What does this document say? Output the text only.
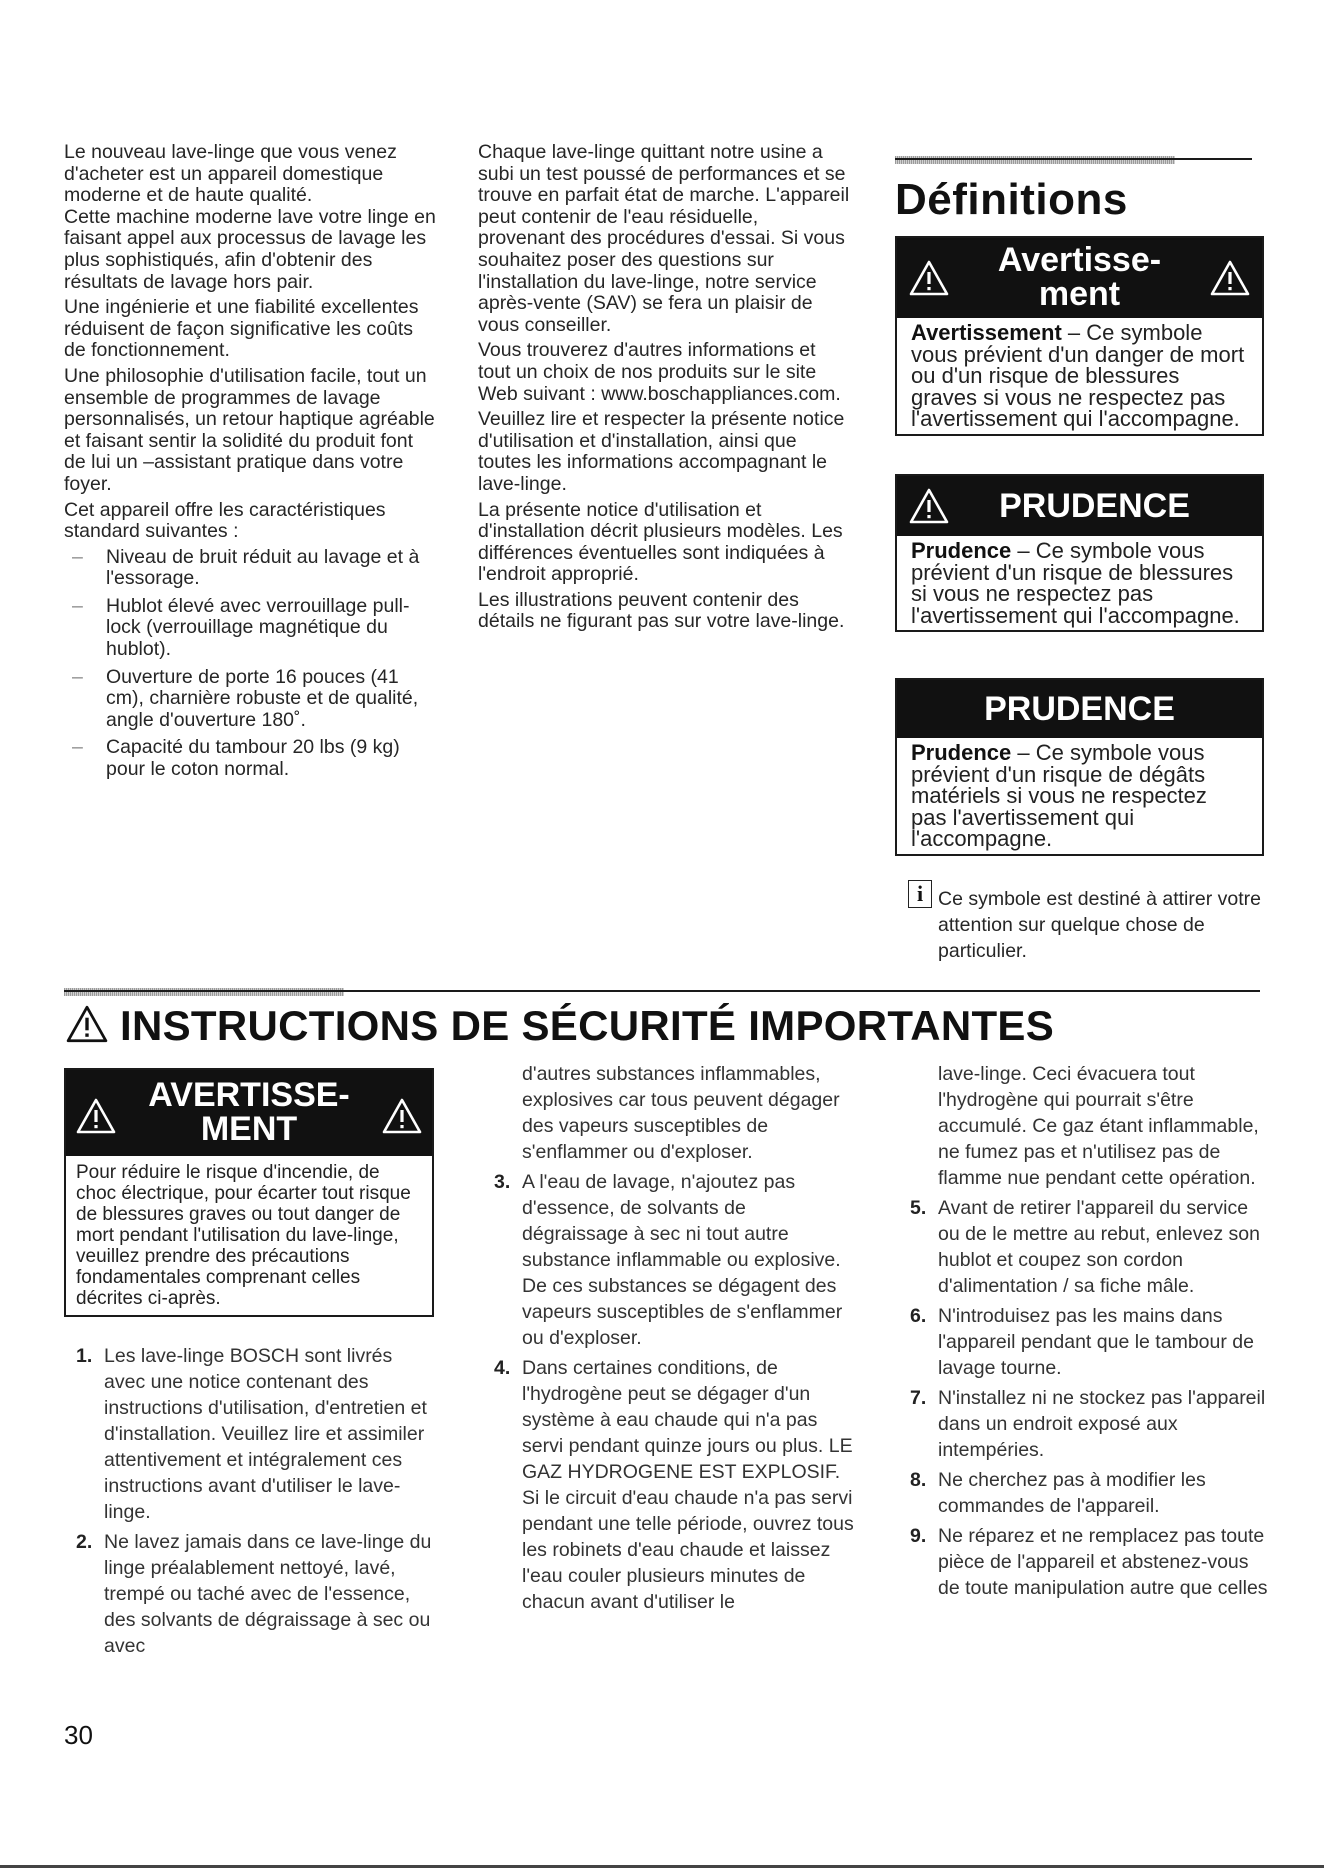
Le nouveau lave-linge que vous venez d'acheter est un appareil domestique moderne et de haute qualité.

Cette machine moderne lave votre linge en faisant appel aux processus de lavage les plus sophistiqués, afin d'obtenir des résultats de lavage hors pair.

Une ingénierie et une fiabilité excellentes réduisent de façon significative les coûts de fonctionnement.

Une philosophie d'utilisation facile, tout un ensemble de programmes de lavage personnalisés, un retour haptique agréable et faisant sentir la solidité du produit font de lui un –assistant pratique dans votre foyer.

Cet appareil offre les caractéristiques standard suivantes :

– Niveau de bruit réduit au lavage et à l'essorage.
– Hublot élevé avec verrouillage pull-lock (verrouillage magnétique du hublot).
– Ouverture de porte 16 pouces (41 cm), charnière robuste et de qualité, angle d'ouverture 180˚.
– Capacité du tambour 20 lbs (9 kg) pour le coton normal.

Chaque lave-linge quittant notre usine a subi un test poussé de performances et se trouve en parfait état de marche. L'appareil peut contenir de l'eau résiduelle, provenant des procédures d'essai. Si vous souhaitez poser des questions sur l'installation du lave-linge, notre service après-vente (SAV) se fera un plaisir de vous conseiller.

Vous trouverez d'autres informations et tout un choix de nos produits sur le site Web suivant : www.boschappliances.com.

Veuillez lire et respecter la présente notice d'utilisation et d'installation, ainsi que toutes les informations accompagnant le lave-linge.

La présente notice d'utilisation et d'installation décrit plusieurs modèles. Les différences éventuelles sont indiquées à l'endroit approprié.

Les illustrations peuvent contenir des détails ne figurant pas sur votre lave-linge.

Définitions
Avertisse-
ment
Avertissement – Ce symbole vous prévient d'un danger de mort ou d'un risque de blessures graves si vous ne respectez pas l'avertissement qui l'accompagne.
PRUDENCE
Prudence – Ce symbole vous prévient d'un risque de blessures si vous ne respectez pas l'avertissement qui l'accompagne.
PRUDENCE
Prudence – Ce symbole vous prévient d'un risque de dégâts matériels si vous ne respectez pas l'avertissement qui l'accompagne.
i Ce symbole est destiné à attirer votre attention sur quelque chose de particulier.
INSTRUCTIONS DE SÉCURITÉ IMPORTANTES
AVERTISSE-
MENT
Pour réduire le risque d'incendie, de choc électrique, pour écarter tout risque de blessures graves ou tout danger de mort pendant l'utilisation du lave-linge, veuillez prendre des précautions fondamentales comprenant celles décrites ci-après.
1. Les lave-linge BOSCH sont livrés avec une notice contenant des instructions d'utilisation, d'entretien et d'installation. Veuillez lire et assimiler attentivement et intégralement ces instructions avant d'utiliser le lave-linge.
2. Ne lavez jamais dans ce lave-linge du linge préalablement nettoyé, lavé, trempé ou taché avec de l'essence, des solvants de dégraissage à sec ou avec
d'autres substances inflammables, explosives car tous peuvent dégager des vapeurs susceptibles de s'enflammer ou d'exploser.
3. A l'eau de lavage, n'ajoutez pas d'essence, de solvants de dégraissage à sec ni tout autre substance inflammable ou explosive. De ces substances se dégagent des vapeurs susceptibles de s'enflammer ou d'exploser.
4. Dans certaines conditions, de l'hydrogène peut se dégager d'un système à eau chaude qui n'a pas servi pendant quinze jours ou plus. LE GAZ HYDROGENE EST EXPLOSIF. Si le circuit d'eau chaude n'a pas servi pendant une telle période, ouvrez tous les robinets d'eau chaude et laissez l'eau couler plusieurs minutes de chacun avant d'utiliser le
lave-linge. Ceci évacuera tout l'hydrogène qui pourrait s'être accumulé. Ce gaz étant inflammable, ne fumez pas et n'utilisez pas de flamme nue pendant cette opération.
5. Avant de retirer l'appareil du service ou de le mettre au rebut, enlevez son hublot et coupez son cordon d'alimentation / sa fiche mâle.
6. N'introduisez pas les mains dans l'appareil pendant que le tambour de lavage tourne.
7. N'installez ni ne stockez pas l'appareil dans un endroit exposé aux intempéries.
8. Ne cherchez pas à modifier les commandes de l'appareil.
9. Ne réparez et ne remplacez pas toute pièce de l'appareil et abstenez-vous de toute manipulation autre que celles
30
